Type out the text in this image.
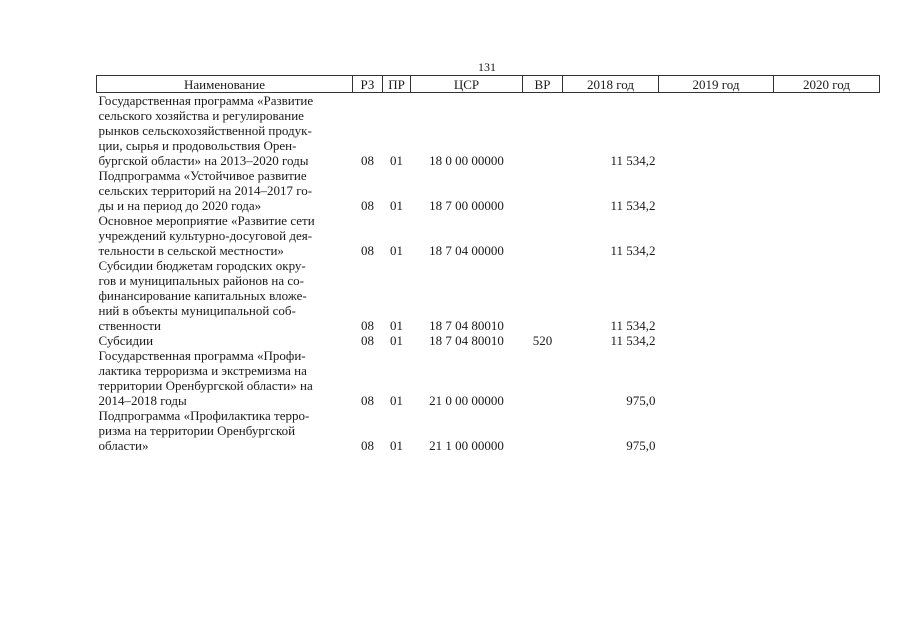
131
Наименование	РЗ	ПР	ЦСР	ВР	2018 год	2019 год	2020 год

Государственная программа «Развитие
сельского хозяйства и регулирование
рынков сельскохозяйственной продук-
ции, сырья и продовольствия Орен-
бургской области» на 2013–2020 годы	08	01	18 0 00 00000		11 534,2		

Подпрограмма «Устойчивое развитие
сельских территорий на 2014–2017 го-
ды и на период до 2020 года»	08	01	18 7 00 00000		11 534,2		

Основное мероприятие «Развитие сети
учреждений культурно-досуговой дея-
тельности в сельской местности»	08	01	18 7 04 00000		11 534,2		

Субсидии бюджетам городских окру-
гов и муниципальных районов на со-
финансирование капитальных вложе-
ний в объекты муниципальной соб-
ственности	08	01	18 7 04 80010		11 534,2		

Субсидии	08	01	18 7 04 80010	520	11 534,2		

Государственная программа «Профи-
лактика терроризма и экстремизма на
территории Оренбургской области» на
2014–2018 годы	08	01	21 0 00 00000		975,0		

Подпрограмма «Профилактика терро-
ризма на территории Оренбургской
области»	08	01	21 1 00 00000		975,0		
